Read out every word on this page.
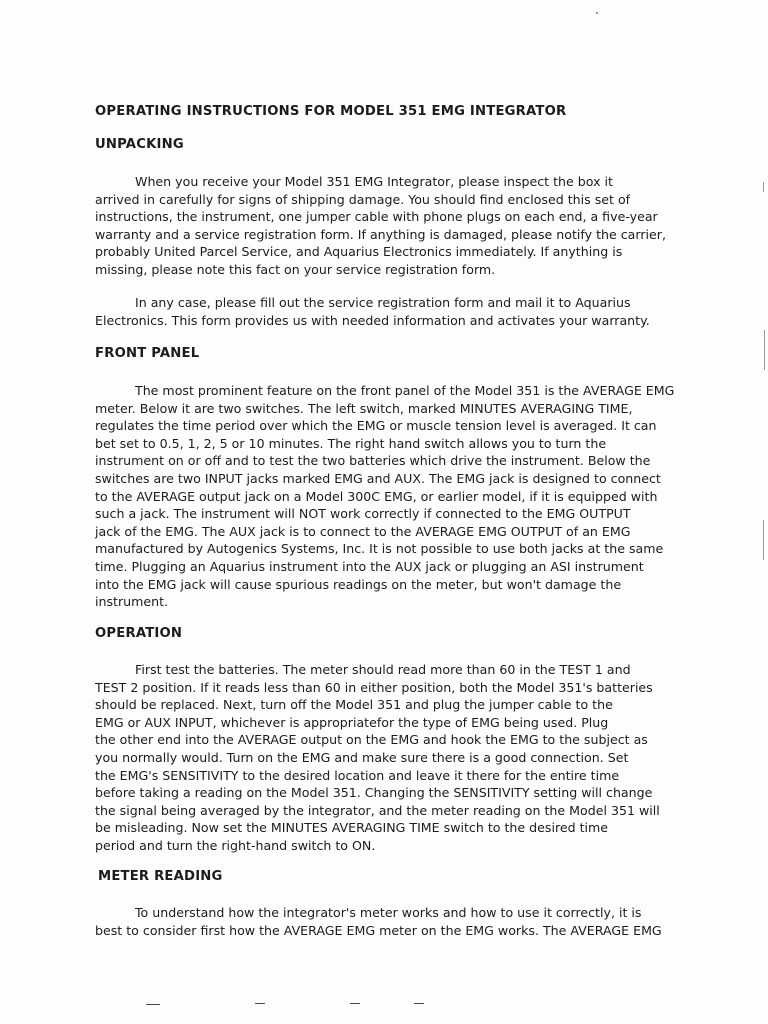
OPERATING INSTRUCTIONS FOR MODEL 351 EMG INTEGRATOR
UNPACKING
When you receive your Model 351 EMG Integrator, please inspect the box it
arrived in carefully for signs of shipping damage. You should find enclosed this set of
instructions, the instrument, one jumper cable with phone plugs on each end, a five-year
warranty and a service registration form. If anything is damaged, please notify the carrier,
probably United Parcel Service, and Aquarius Electronics immediately. If anything is
missing, please note this fact on your service registration form.
In any case, please fill out the service registration form and mail it to Aquarius
Electronics. This form provides us with needed information and activates your warranty.
FRONT PANEL
The most prominent feature on the front panel of the Model 351 is the AVERAGE EMG
meter. Below it are two switches. The left switch, marked MINUTES AVERAGING TIME,
regulates the time period over which the EMG or muscle tension level is averaged. It can
bet set to 0.5, 1, 2, 5 or 10 minutes. The right hand switch allows you to turn the
instrument on or off and to test the two batteries which drive the instrument. Below the
switches are two INPUT jacks marked EMG and AUX. The EMG jack is designed to connect
to the AVERAGE output jack on a Model 300C EMG, or earlier model, if it is equipped with
such a jack. The instrument will NOT work correctly if connected to the EMG OUTPUT
jack of the EMG. The AUX jack is to connect to the AVERAGE EMG OUTPUT of an EMG
manufactured by Autogenics Systems, Inc. It is not possible to use both jacks at the same
time. Plugging an Aquarius instrument into the AUX jack or plugging an ASI instrument
into the EMG jack will cause spurious readings on the meter, but won't damage the
instrument.
OPERATION
First test the batteries. The meter should read more than 60 in the TEST 1 and
TEST 2 position. If it reads less than 60 in either position, both the Model 351's batteries
should be replaced. Next, turn off the Model 351 and plug the jumper cable to the
EMG or AUX INPUT, whichever is appropriatefor the type of EMG being used. Plug
the other end into the AVERAGE output on the EMG and hook the EMG to the subject as
you normally would. Turn on the EMG and make sure there is a good connection. Set
the EMG's SENSITIVITY to the desired location and leave it there for the entire time
before taking a reading on the Model 351. Changing the SENSITIVITY setting will change
the signal being averaged by the integrator, and the meter reading on the Model 351 will
be misleading. Now set the MINUTES AVERAGING TIME switch to the desired time
period and turn the right-hand switch to ON.
METER READING
To understand how the integrator's meter works and how to use it correctly, it is
best to consider first how the AVERAGE EMG meter on the EMG works. The AVERAGE EMG
